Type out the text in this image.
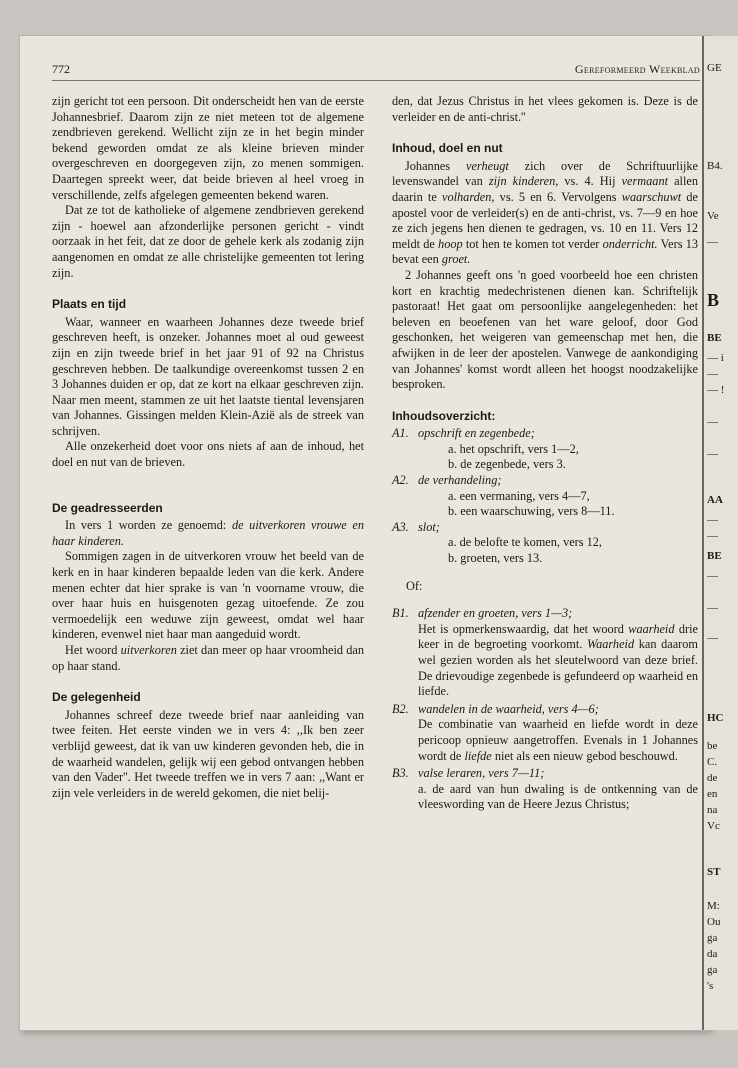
772	Gereformeerd Weekblad

zijn gericht tot een persoon. Dit onderscheidt hen van de eerste Johannesbrief. Daarom zijn ze niet meteen tot de algemene zendbrieven gerekend. Wellicht zijn ze in het begin minder bekend geworden omdat ze als kleine brieven minder overgeschreven en doorgegeven zijn, zo menen sommigen. Daartegen spreekt weer, dat beide brieven al heel vroeg in verschillende, zelfs afgelegen gemeenten bekend waren.

Dat ze tot de katholieke of algemene zendbrieven gerekend zijn - hoewel aan afzonderlijke personen gericht - vindt oorzaak in het feit, dat ze door de gehele kerk als zodanig zijn aangenomen en omdat ze alle christelijke gemeenten tot lering zijn.

Plaats en tijd

Waar, wanneer en waarheen Johannes deze tweede brief geschreven heeft, is onzeker. Johannes moet al oud geweest zijn en zijn tweede brief in het jaar 91 of 92 na Christus geschreven hebben. De taalkundige overeenkomst tussen 2 en 3 Johannes duiden er op, dat ze kort na elkaar geschreven zijn. Naar men meent, stammen ze uit het laatste tiental levensjaren van Johannes. Gissingen melden Klein-Azië als de streek van schrijven.

Alle onzekerheid doet voor ons niets af aan de inhoud, het doel en nut van de brieven.

De geadresseerden

In vers 1 worden ze genoemd: de uitverkoren vrouwe en haar kinderen.

Sommigen zagen in de uitverkoren vrouw het beeld van de kerk en in haar kinderen bepaalde leden van die kerk. Andere menen echter dat hier sprake is van 'n voorname vrouw, die over haar huis en huisgenoten gezag uitoefende. Ze zou vermoedelijk een weduwe zijn geweest, omdat wel haar kinderen, evenwel niet haar man aangeduid wordt.

Het woord uitverkoren ziet dan meer op haar vroomheid dan op haar stand.

De gelegenheid

Johannes schreef deze tweede brief naar aanleiding van twee feiten. Het eerste vinden we in vers 4: ,,Ik ben zeer verblijd geweest, dat ik van uw kinderen gevonden heb, die in de waarheid wandelen, gelijk wij een gebod ontvangen hebben van den Vader''. Het tweede treffen we in vers 7 aan: ,,Want er zijn vele verleiders in de wereld gekomen, die niet belij-

den, dat Jezus Christus in het vlees gekomen is. Deze is de verleider en de anti-christ.''

Inhoud, doel en nut

Johannes verheugt zich over de Schriftuurlijke levenswandel van zijn kinderen, vs. 4. Hij vermaant allen daarin te volharden, vs. 5 en 6. Vervolgens waarschuwt de apostel voor de verleider(s) en de anti-christ, vs. 7—9 en hoe ze zich jegens hen dienen te gedragen, vs. 10 en 11. Vers 12 meldt de hoop tot hen te komen tot verder onderricht. Vers 13 bevat een groet.

2 Johannes geeft ons 'n goed voorbeeld hoe een christen kort en krachtig medechristenen dienen kan. Schriftelijk pastoraat! Het gaat om persoonlijke aangelegenheden: het beleven en beoefenen van het ware geloof, door God geschonken, het weigeren van gemeenschap met hen, die afwijken in de leer der apostelen. Vanwege de aankondiging van Johannes' komst wordt alleen het hoogst noodzakelijke besproken.

Inhoudsoverzicht:
A1. opschrift en zegenbede;
a. het opschrift, vers 1—2,
b. de zegenbede, vers 3.
A2. de verhandeling;
a. een vermaning, vers 4—7,
b. een waarschuwing, vers 8—11.
A3. slot;
a. de belofte te komen, vers 12,
b. groeten, vers 13.
Of:
B1. afzender en groeten, vers 1—3;
Het is opmerkenswaardig, dat het woord waarheid drie keer in de begroeting voorkomt. Waarheid kan daarom wel gezien worden als het sleutelwoord van deze brief. De drievoudige zegenbede is gefundeerd op waarheid en liefde.
B2. wandelen in de waarheid, vers 4—6;
De combinatie van waarheid en liefde wordt in deze pericoop opnieuw aangetroffen. Evenals in 1 Johannes wordt de liefde niet als een nieuw gebod beschouwd.
B3. valse leraren, vers 7—11;
a. de aard van hun dwaling is de ontkenning van de vleeswording van de Heere Jezus Christus;
GE
B4.
Ve
—
B
BE
— i
—
— !
—
—
AA
—
—
BE
—
—
—
HC
be
C.
de
en
na
Vc
ST
M:
Ou
ga
da
ga
's
